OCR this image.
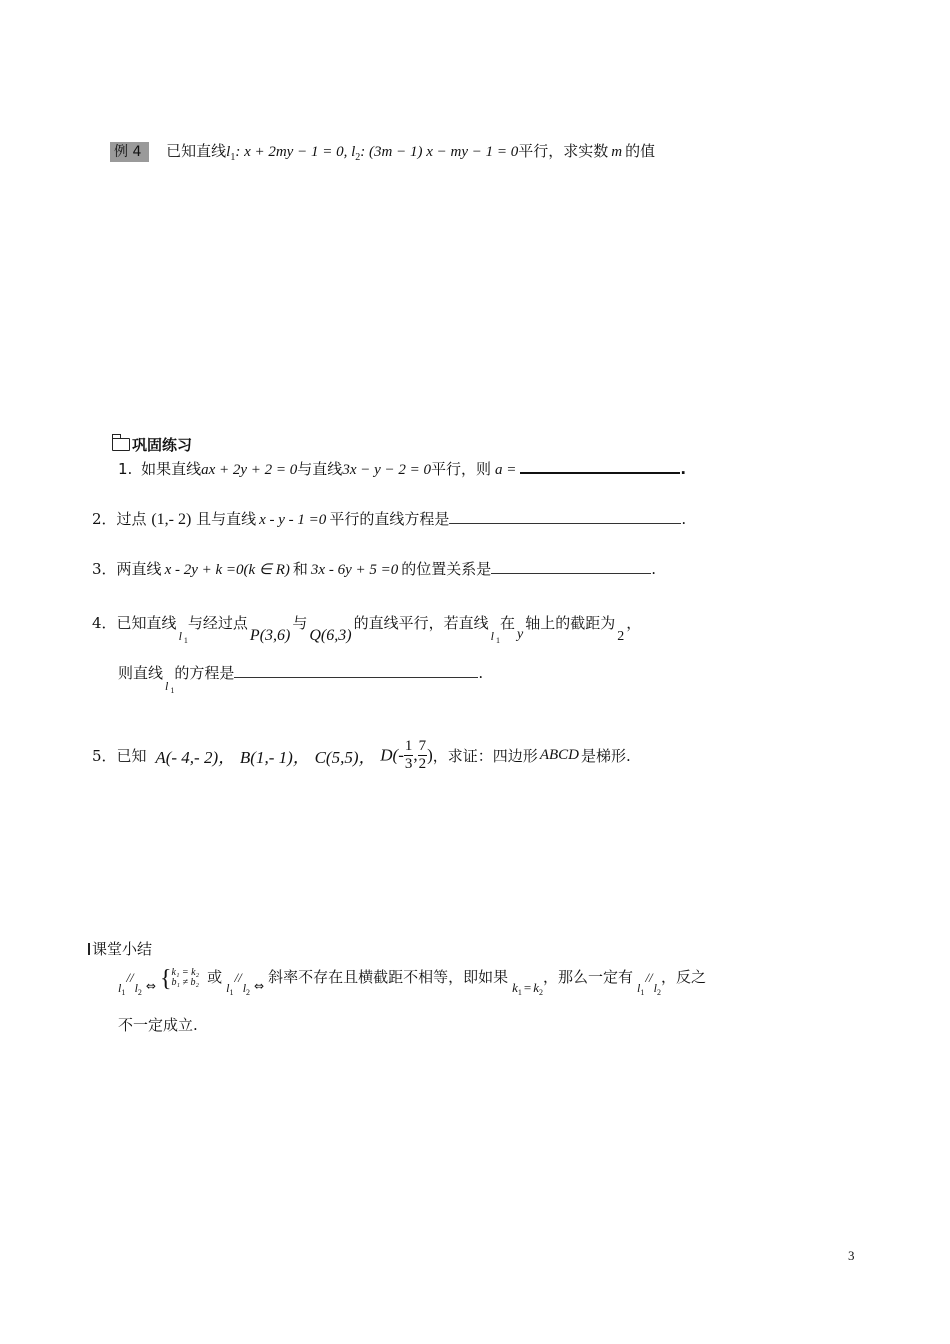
例 4 已知直线$l_1$: x + 2my − 1 = 0, $l_2$: (3m − 1) x − my − 1 = 0平行，求实数 m 的值
巩固练习
1. 如果直线ax + 2y + 2 = 0与直线3x − y − 2 = 0平行，则 a =	.
2．过点 (1,- 2) 且与直线 x - y - 1 =0 平行的直线方程是	.
3．两直线 x - 2y + k =0(k ∈ R) 和 3x - 6y + 5 =0 的位置关系是	.
4．已知直线$_l$ $_1$与经过点P(3,6)与Q(6,3)的直线平行，若直线$_l$ $_1$在y轴上的截距为2，
则直线$_l$ $_1$的方程是	.
5．已知 A(- 4,- 2)， B(1,- 1)， C(5,5)， $D(- \frac{1}{3}$ , $\frac{7}{2}$ )，求证：四边形 ABCD 是梯形.
课堂小结
$_{l1}//_{l2}$ $_\Leftrightarrow$ { k₁ = k₂
b₁ ≠ b₂ 或$_{l1}//_{l2}$ $_\Leftrightarrow$ 斜率不存在且横截距不相等，即如果$k_1 = k_2$，那么一定有$_{l1}//_{l2}$，反之
不一定成立.
3
